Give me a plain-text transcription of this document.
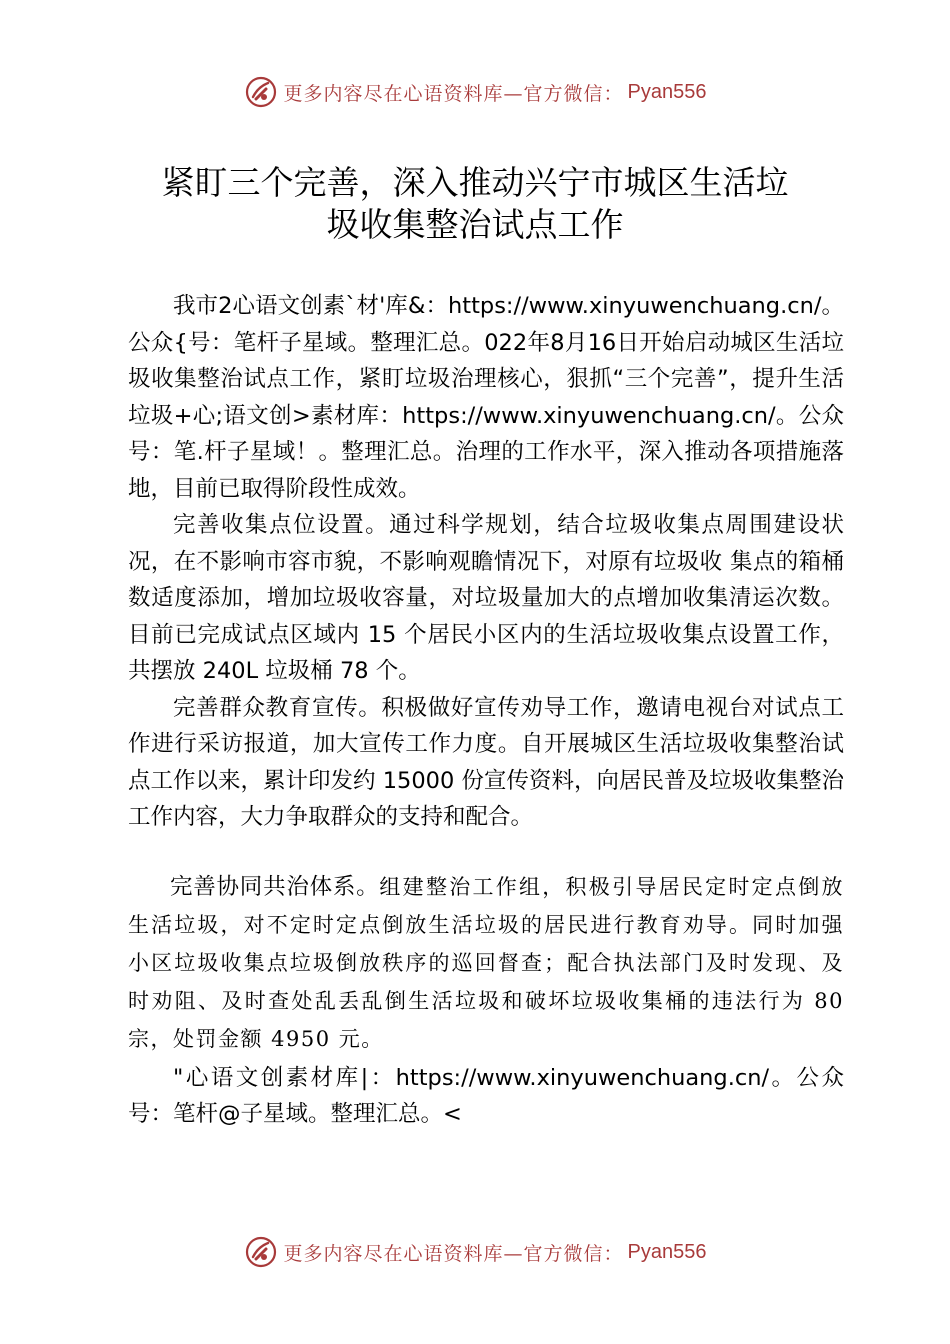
更多内容尽在心语资料库—官方微信： Pyan556
紧盯三个完善，深入推动兴宁市城区生活垃
圾收集整治试点工作

我市2心语文创素`材'库&：https://www.xinyuwenchuang.cn/。公众{号：笔杆子星域。整理汇总。022年8月16日开始启动城区生活垃圾收集整治试点工作，紧盯垃圾治理核心，狠抓“三个完善”，提升生活垃圾+心;语文创>素材库：https://www.xinyuwenchuang.cn/。公众号：笔.杆子星域！。整理汇总。治理的工作水平，深入推动各项措施落地，目前已取得阶段性成效。

完善收集点位设置。通过科学规划，结合垃圾收集点周围建设状况，在不影响市容市貌，不影响观瞻情况下，对原有垃圾收 集点的箱桶数适度添加，增加垃圾收容量，对垃圾量加大的点增加收集清运次数。目前已完成试点区域内 15 个居民小区内的生活垃圾收集点设置工作，共摆放 240L 垃圾桶 78 个。

完善群众教育宣传。积极做好宣传劝导工作，邀请电视台对试点工作进行采访报道，加大宣传工作力度。自开展城区生活垃圾收集整治试点工作以来，累计印发约 15000 份宣传资料，向居民普及垃圾收集整治工作内容，大力争取群众的支持和配合。

完善协同共治体系。组建整治工作组，积极引导居民定时定点倒放生活垃圾，对不定时定点倒放生活垃圾的居民进行教育劝导。同时加强小区垃圾收集点垃圾倒放秩序的巡回督查；配合执法部门及时发现、及时劝阻、及时查处乱丢乱倒生活垃圾和破坏垃圾收集桶的违法行为 80 宗，处罚金额 4950 元。

"心语文创素材库|：https://www.xinyuwenchuang.cn/。公众号：笔杆@子星域。整理汇总。<

更多内容尽在心语资料库—官方微信： Pyan556
